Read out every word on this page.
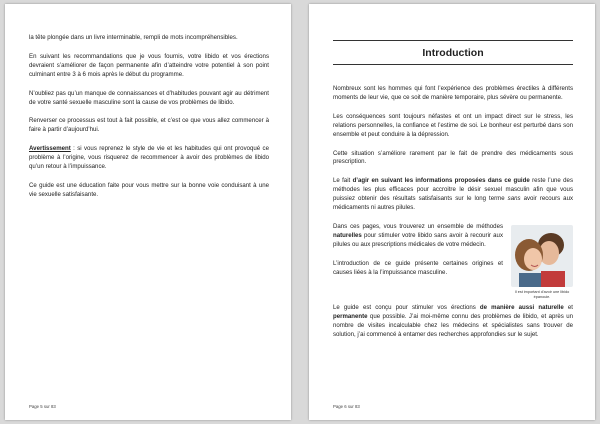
la tête plongée dans un livre interminable, rempli de mots incompréhensibles.

En suivant les recommandations que je vous fournis, votre libido et vos érections devraient s’améliorer de façon permanente afin d’atteindre votre potentiel à son point culminant entre 3 à 6 mois après le début du programme.

N’oubliez pas qu’un manque de connaissances et d’habitudes pouvant agir au détriment de votre santé sexuelle masculine sont la cause de vos problèmes de libido.

Renverser ce processus est tout à fait possible, et c’est ce que vous allez commencer à faire à partir d’aujourd’hui.

Avertissement : si vous reprenez le style de vie et les habitudes qui ont provoqué ce problème à l’origine, vous risquerez de recommencer à avoir des problèmes de libido qu’un retour à l’impuissance.

Ce guide est une éducation faite pour vous mettre sur la bonne voie conduisant à une vie sexuelle satisfaisante.

Page 5 sur 83
Introduction

Nombreux sont les hommes qui font l’expérience des problèmes érectiles à différents moments de leur vie, que ce soit de manière temporaire, plus sévère ou permanente.

Les conséquences sont toujours néfastes et ont un impact direct sur le stress, les relations personnelles, la confiance et l’estime de soi. Le bonheur est perturbé dans son ensemble et peut conduire à la dépression.

Cette situation s’améliore rarement par le fait de prendre des médicaments sous prescription.

Le fait d’agir en suivant les informations proposées dans ce guide reste l’une des méthodes les plus efficaces pour accroitre le désir sexuel masculin afin que vous puissiez obtenir des résultats satisfaisants sur le long terme sans avoir recours aux médicaments ni autres pilules.

Il est important d’avoir une libido épanouie.

Dans ces pages, vous trouverez un ensemble de méthodes naturelles pour stimuler votre libido sans avoir à recourir aux pilules ou aux prescriptions médicales de votre médecin.

L’introduction de ce guide présente certaines origines et causes liées à la l’impuissance masculine.

Le guide est conçu pour stimuler vos érections de manière aussi naturelle et permanente que possible. J’ai moi-même connu des problèmes de libido, et après un nombre de visites incalculable chez les médecins et spécialistes sans trouver de solution, j’ai commencé à entamer des recherches approfondies sur le sujet.

Page 6 sur 83
